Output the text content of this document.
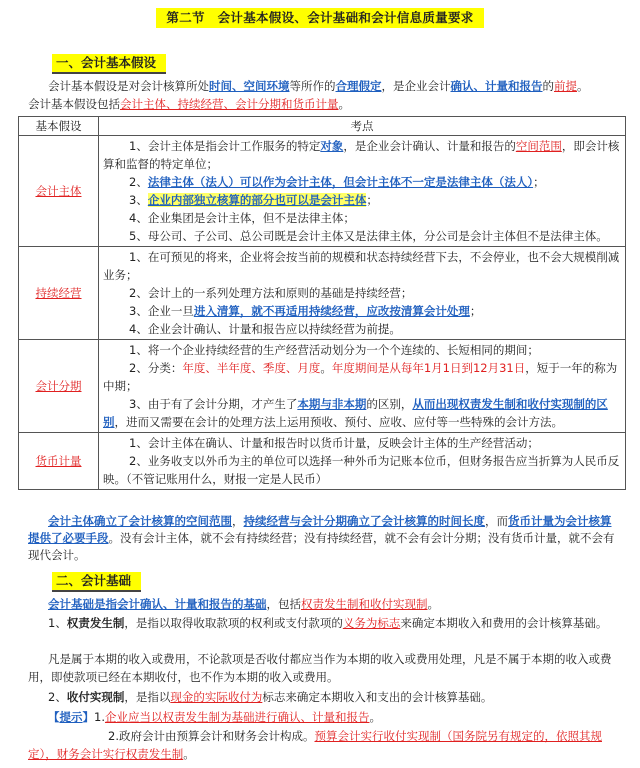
第二节　会计基本假设、会计基础和会计信息质量要求
一、会计基本假设
会计基本假设是对会计核算所处时间、空间环境等所作的合理假定，是企业会计确认、计量和报告的前提。
会计基本假设包括会计主体、持续经营、会计分期和货币计量。
基本假设	考点
会计主体	1、会计主体是指会计工作服务的特定对象，是企业会计确认、计量和报告的空间范围，即会计核算和监督的特定单位；
2、法律主体（法人）可以作为会计主体，但会计主体不一定是法律主体（法人）；
3、企业内部独立核算的部分也可以是会计主体；
4、企业集团是会计主体，但不是法律主体；
5、母公司、子公司、总公司既是会计主体又是法律主体，分公司是会计主体但不是法律主体。

持续经营	1、在可预见的将来，企业将会按当前的规模和状态持续经营下去，不会停业，也不会大规模削减业务；
2、会计上的一系列处理方法和原则的基础是持续经营；
3、企业一旦进入清算，就不再适用持续经营，应改按清算会计处理；
4、企业会计确认、计量和报告应以持续经营为前提。

会计分期	1、将一个企业持续经营的生产经营活动划分为一个个连续的、长短相同的期间；
2、分类：年度、半年度、季度、月度。年度期间是从每年1月1日到12月31日，短于一年的称为中期；
3、由于有了会计分期，才产生了本期与非本期的区别，从而出现权责发生制和收付实现制的区别，进而又需要在会计的处理方法上运用预收、预付、应收、应付等一些特殊的会计方法。

货币计量	1、会计主体在确认、计量和报告时以货币计量，反映会计主体的生产经营活动；
2、业务收支以外币为主的单位可以选择一种外币为记账本位币，但财务报告应当折算为人民币反映。（不管记账用什么，财报一定是人民币）
会计主体确立了会计核算的空间范围，持续经营与会计分期确立了会计核算的时间长度，而货币计量为会计核算提供了必要手段。没有会计主体，就不会有持续经营；没有持续经营，就不会有会计分期；没有货币计量，就不会有现代会计。
二、会计基础
会计基础是指会计确认、计量和报告的基础，包括权责发生制和收付实现制。
1、权责发生制，是指以取得收取款项的权利或支付款项的义务为标志来确定本期收入和费用的会计核算基础。
凡是属于本期的收入或费用，不论款项是否收付都应当作为本期的收入或费用处理，凡是不属于本期的收入或费用，即使款项已经在本期收付，也不作为本期的收入或费用。
2、收付实现制，是指以现金的实际收付为标志来确定本期收入和支出的会计核算基础。
【提示】1.企业应当以权责发生制为基础进行确认、计量和报告。
2.政府会计由预算会计和财务会计构成。预算会计实行收付实现制（国务院另有规定的，依照其规定），财务会计实行权责发生制。
